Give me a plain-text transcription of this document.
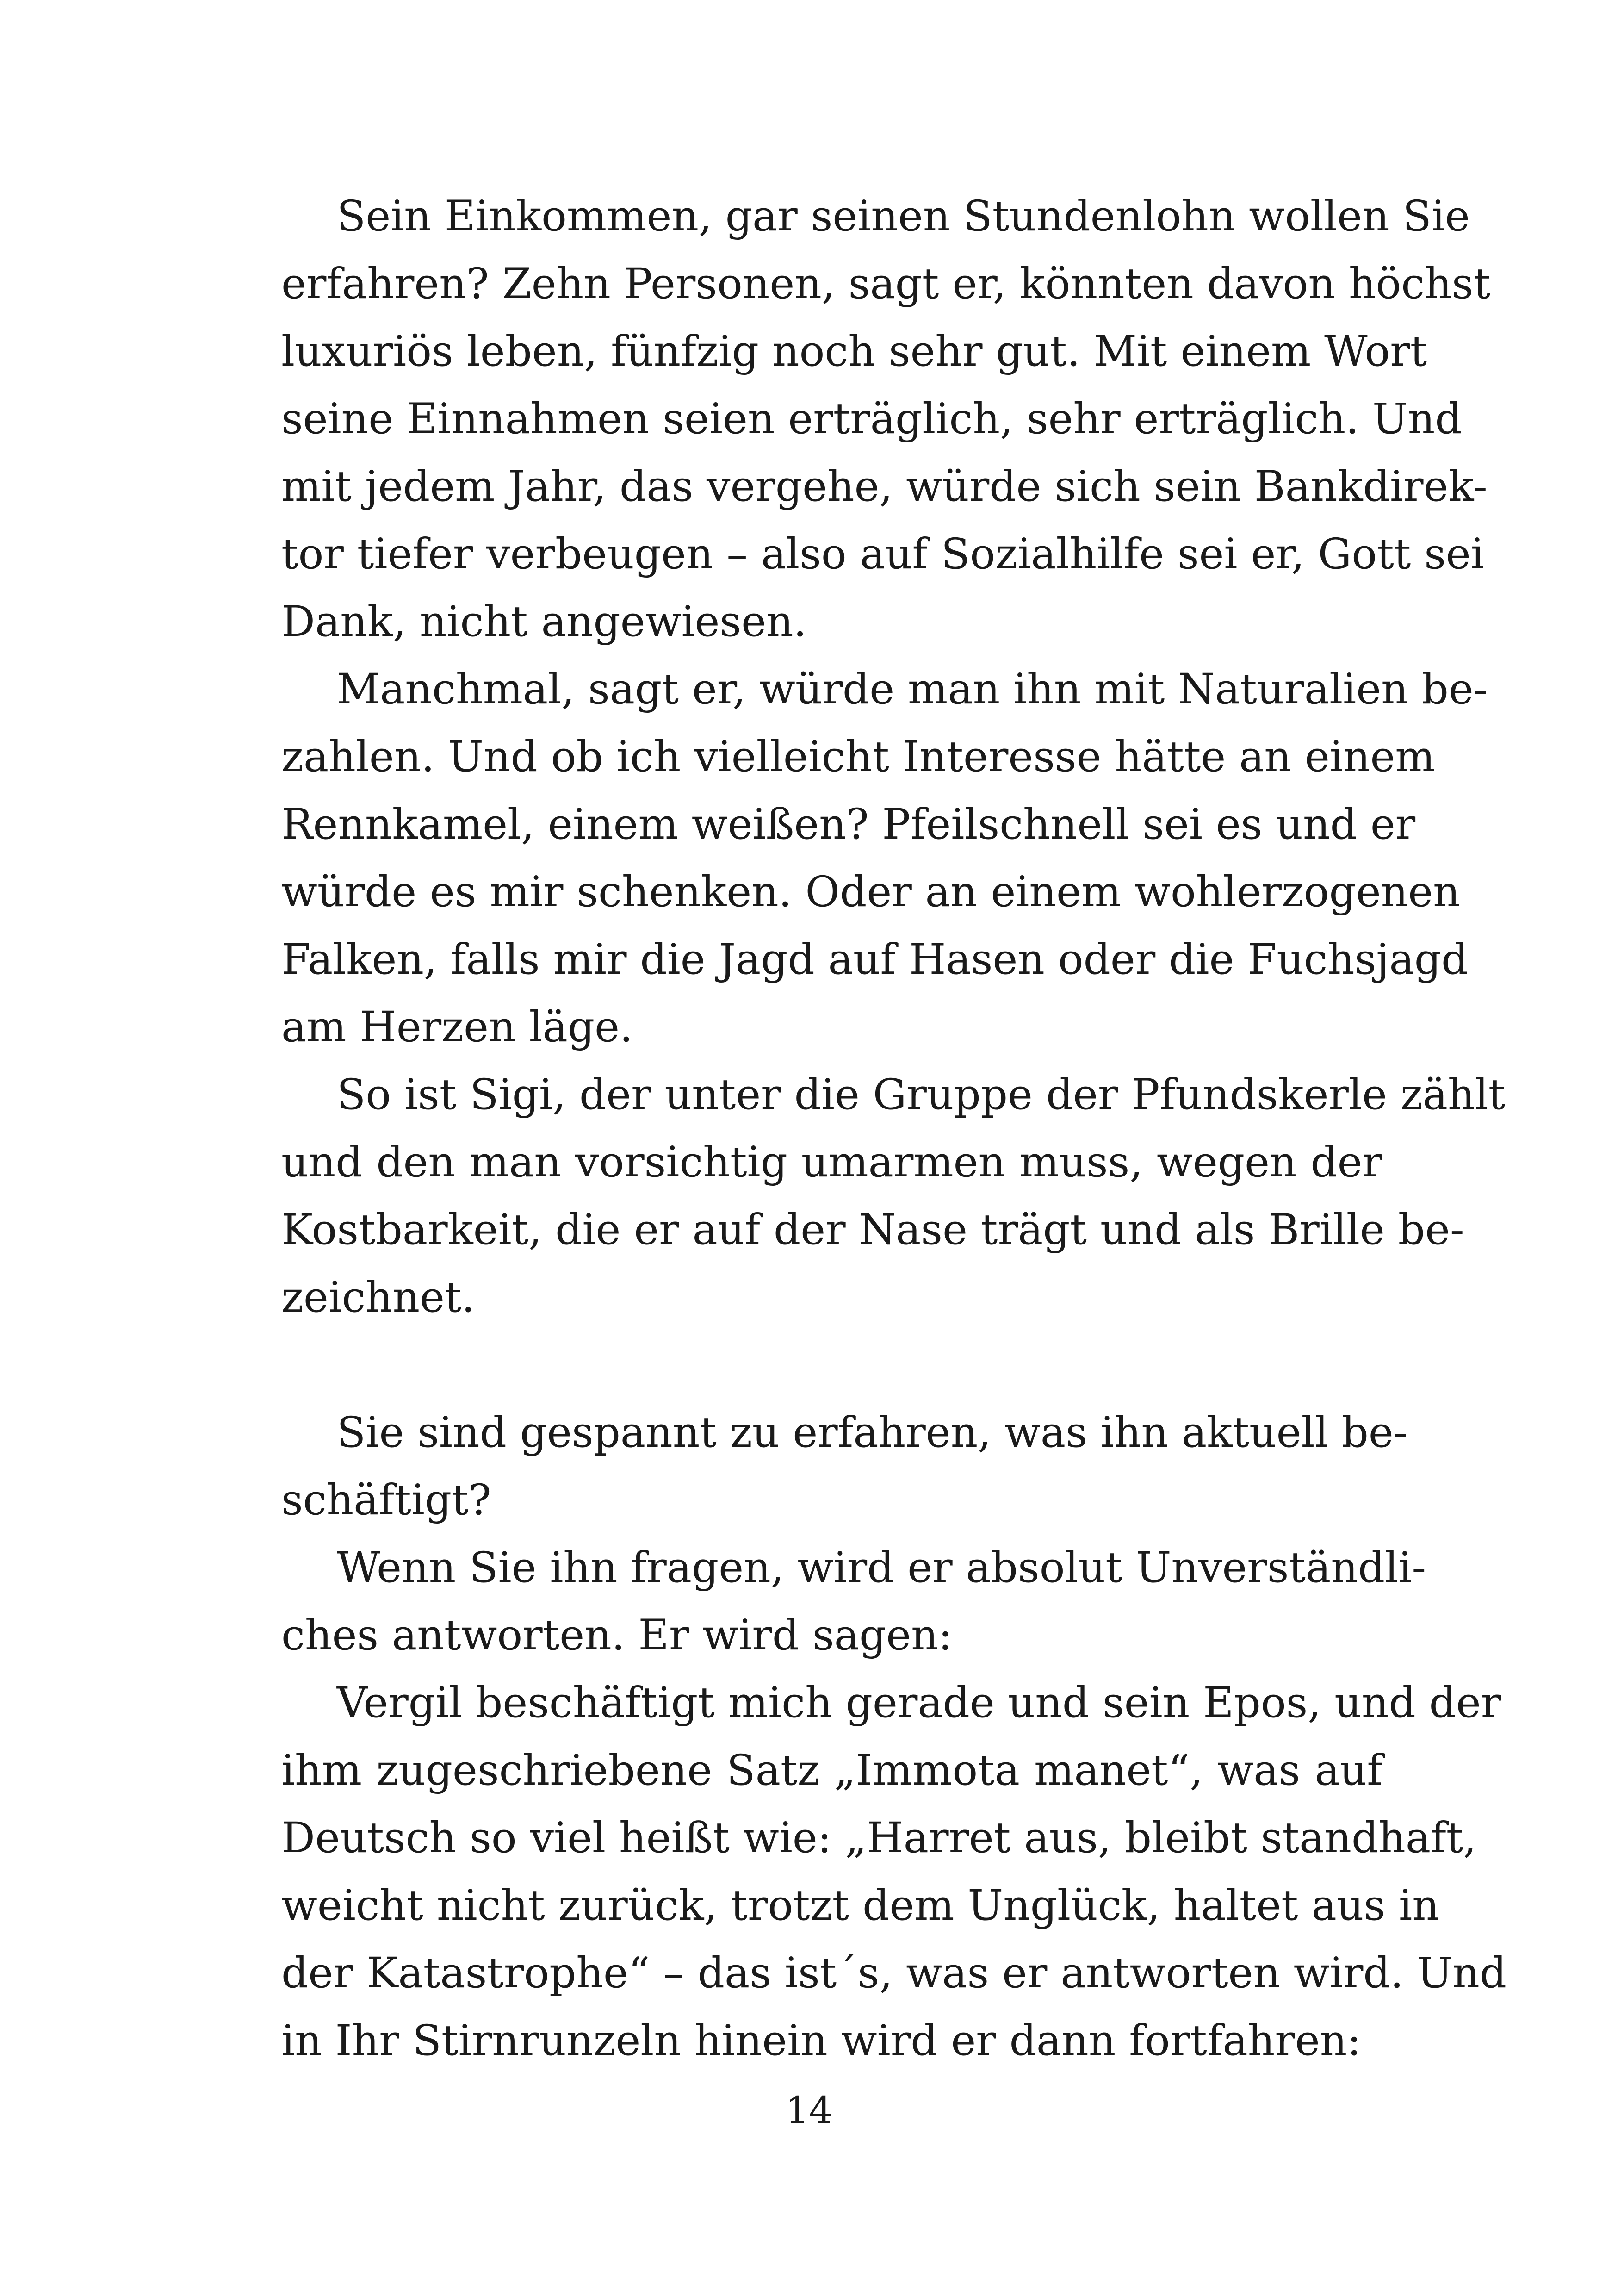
Sein Einkommen, gar seinen Stundenlohn wollen Sie
erfahren? Zehn Personen, sagt er, könnten davon höchst
luxuriös leben, fünfzig noch sehr gut. Mit einem Wort
seine Einnahmen seien erträglich, sehr erträglich. Und
mit jedem Jahr, das vergehe, würde sich sein Bankdirek-
tor tiefer verbeugen – also auf Sozialhilfe sei er, Gott sei
Dank, nicht angewiesen.
Manchmal, sagt er, würde man ihn mit Naturalien be-
zahlen. Und ob ich vielleicht Interesse hätte an einem
Rennkamel, einem weißen? Pfeilschnell sei es und er
würde es mir schenken. Oder an einem wohlerzogenen
Falken, falls mir die Jagd auf Hasen oder die Fuchsjagd
am Herzen läge.
So ist Sigi, der unter die Gruppe der Pfundskerle zählt
und den man vorsichtig umarmen muss, wegen der
Kostbarkeit, die er auf der Nase trägt und als Brille be-
zeichnet.
Sie sind gespannt zu erfahren, was ihn aktuell be-
schäftigt?
Wenn Sie ihn fragen, wird er absolut Unverständli-
ches antworten. Er wird sagen:
Vergil beschäftigt mich gerade und sein Epos, und der
ihm zugeschriebene Satz „Immota manet“, was auf
Deutsch so viel heißt wie: „Harret aus, bleibt standhaft,
weicht nicht zurück, trotzt dem Unglück, haltet aus in
der Katastrophe“ – das ist´s, was er antworten wird. Und
in Ihr Stirnrunzeln hinein wird er dann fortfahren:
14
